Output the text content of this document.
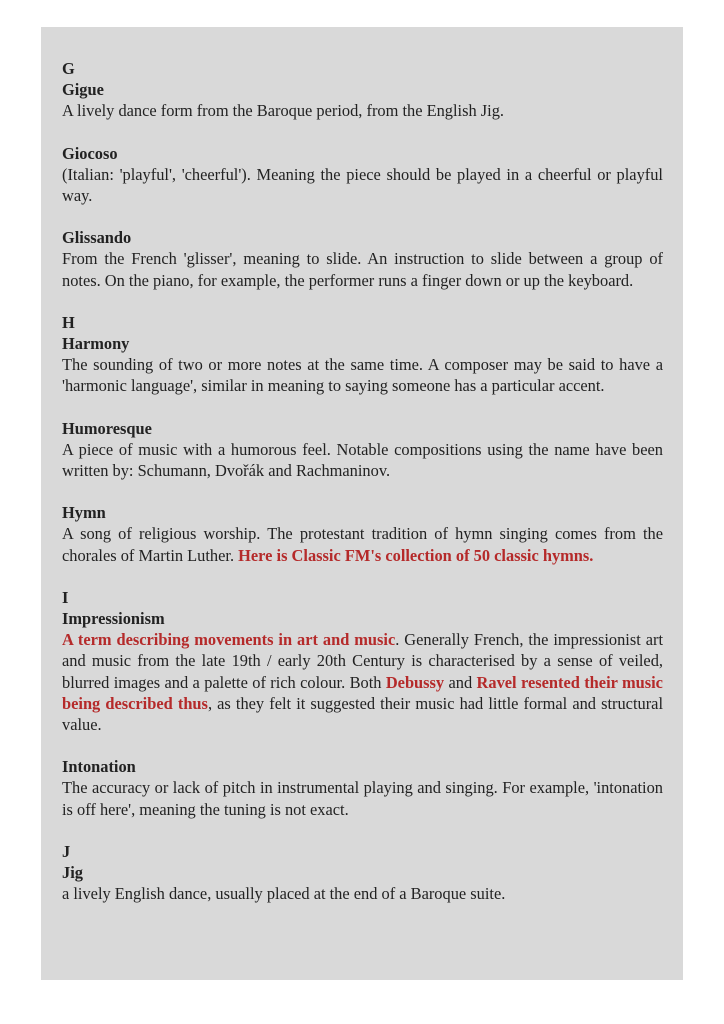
G

Gigue

A lively dance form from the Baroque period, from the English Jig.

Giocoso

(Italian: 'playful', 'cheerful'). Meaning the piece should be played in a cheerful or playful way.

Glissando

From the French 'glisser', meaning to slide. An instruction to slide between a group of notes. On the piano, for example, the performer runs a finger down or up the keyboard.

H

Harmony

The sounding of two or more notes at the same time. A composer may be said to have a 'harmonic language', similar in meaning to saying someone has a particular accent.

Humoresque

A piece of music with a humorous feel. Notable compositions using the name have been written by: Schumann, Dvořák and Rachmaninov.

Hymn

A song of religious worship. The protestant tradition of hymn singing comes from the chorales of Martin Luther. Here is Classic FM's collection of 50 classic hymns.

I

Impressionism

A term describing movements in art and music. Generally French, the impressionist art and music from the late 19th / early 20th Century is characterised by a sense of veiled, blurred images and a palette of rich colour. Both Debussy and Ravel resented their music being described thus, as they felt it suggested their music had little formal and structural value.

Intonation

The accuracy or lack of pitch in instrumental playing and singing. For example, 'intonation is off here', meaning the tuning is not exact.

J

Jig

a lively English dance, usually placed at the end of a Baroque suite.
